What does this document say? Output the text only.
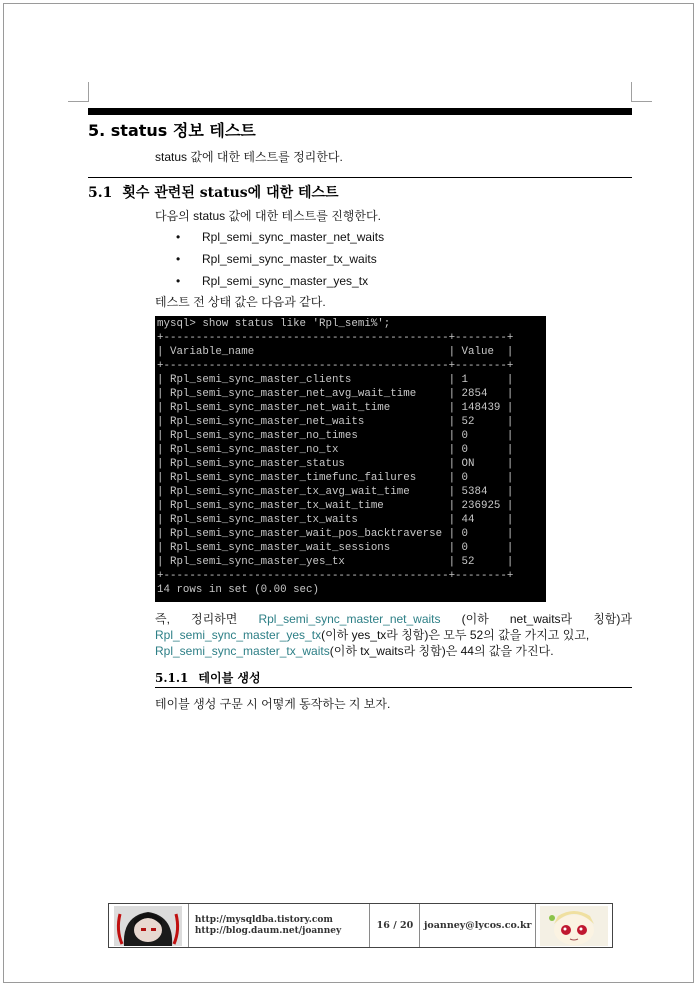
5. status 정보 테스트
status 값에 대한 테스트를 정리한다.
5.1 횟수 관련된 status에 대한 테스트
다음의 status 값에 대한 테스트를 진행한다.
• Rpl_semi_sync_master_net_waits
• Rpl_semi_sync_master_tx_waits
• Rpl_semi_sync_master_yes_tx
테스트 전 상태 값은 다음과 같다.
mysql> show status like 'Rpl_semi%';
+--------------------------------------------+--------+
| Variable_name                              | Value  |
+--------------------------------------------+--------+
| Rpl_semi_sync_master_clients               | 1      |
| Rpl_semi_sync_master_net_avg_wait_time     | 2854   |
| Rpl_semi_sync_master_net_wait_time         | 148439 |
| Rpl_semi_sync_master_net_waits             | 52     |
| Rpl_semi_sync_master_no_times              | 0      |
| Rpl_semi_sync_master_no_tx                 | 0      |
| Rpl_semi_sync_master_status                | ON     |
| Rpl_semi_sync_master_timefunc_failures     | 0      |
| Rpl_semi_sync_master_tx_avg_wait_time      | 5384   |
| Rpl_semi_sync_master_tx_wait_time          | 236925 |
| Rpl_semi_sync_master_tx_waits              | 44     |
| Rpl_semi_sync_master_wait_pos_backtraverse | 0      |
| Rpl_semi_sync_master_wait_sessions         | 0      |
| Rpl_semi_sync_master_yes_tx                | 52     |
+--------------------------------------------+--------+
14 rows in set (0.00 sec)
즉, 정리하면 Rpl_semi_sync_master_net_waits (이하 net_waits라 칭함)과
Rpl_semi_sync_master_yes_tx (이하 yes_tx라 칭함)은 모두 52의 값을 가지고 있고,
Rpl_semi_sync_master_tx_waits (이하 tx_waits라 칭함)은 44의 값을 가진다.
5.1.1 테이블 생성
테이블 생성 구문 시 어떻게 동작하는 지 보자.
http://mysqldba.tistory.com
http://blog.daum.net/joanney	16 / 20	joanney@lycos.co.kr
